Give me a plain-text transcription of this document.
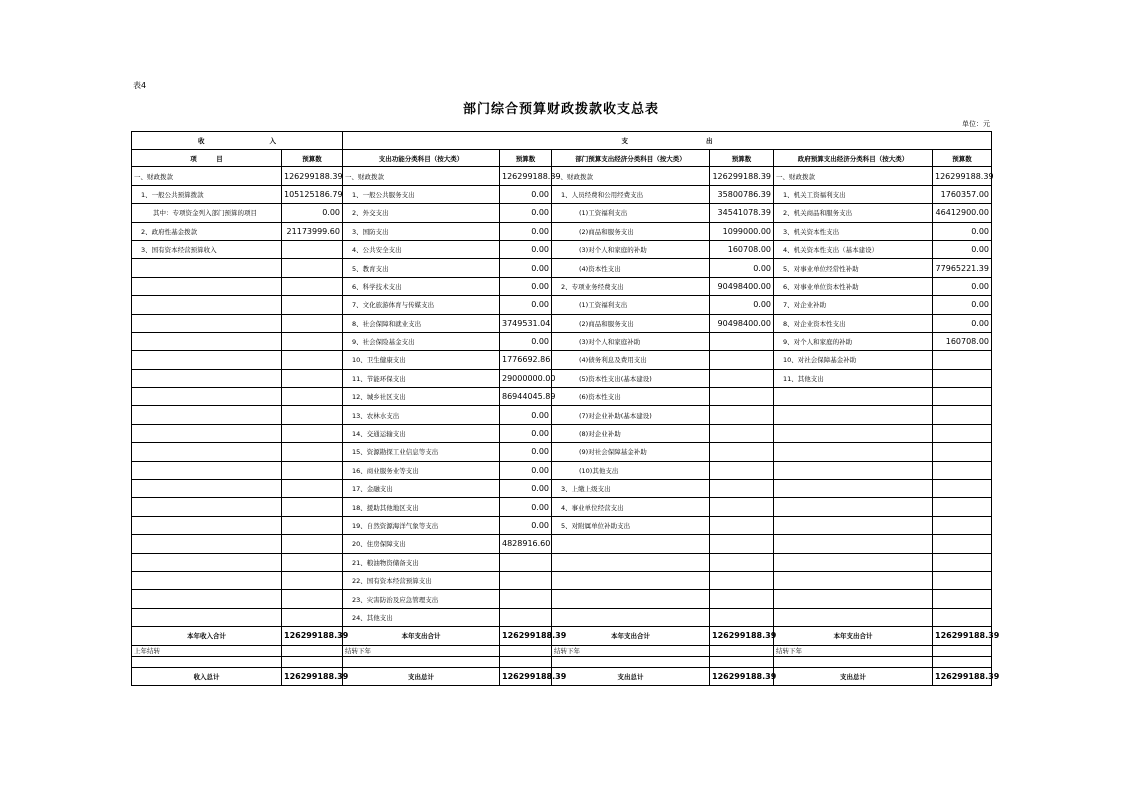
表4
部门综合预算财政拨款收支总表
单位：元
收　　　　　　　　　　入		支　　　　　　　　　　　　出					
项　　　目	预算数	支出功能分类科目（按大类）	预算数	部门预算支出经济分类科目（按大类）	预算数	政府预算支出经济分类科目（按大类）	预算数
一、财政拨款	126299188.39	一、财政拨款	126299188.39	一、财政拨款	126299188.39	一、财政拨款	126299188.39
1、一般公共预算拨款	105125186.79	1、一般公共服务支出	0.00	1、人员经费和公用经费支出	35800786.39	1、机关工资福利支出	1760357.00
其中：专项资金列入部门预算的项目	0.00	2、外交支出	0.00	(1)工资福利支出	34541078.39	2、机关商品和服务支出	46412900.00
2、政府性基金拨款	21173999.60	3、国防支出	0.00	(2)商品和服务支出	1099000.00	3、机关资本性支出	0.00
3、国有资本经营预算收入		4、公共安全支出	0.00	(3)对个人和家庭的补助	160708.00	4、机关资本性支出（基本建设）	0.00
		5、教育支出	0.00	(4)资本性支出	0.00	5、对事业单位经常性补助	77965221.39
		6、科学技术支出	0.00	2、专项业务经费支出	90498400.00	6、对事业单位资本性补助	0.00
		7、文化旅游体育与传媒支出	0.00	(1)工资福利支出	0.00	7、对企业补助	0.00
		8、社会保障和就业支出	3749531.04	(2)商品和服务支出	90498400.00	8、对企业资本性支出	0.00
		9、社会保险基金支出	0.00	(3)对个人和家庭补助		9、对个人和家庭的补助	160708.00
		10、卫生健康支出	1776692.86	(4)债务利息及费用支出		10、对社会保障基金补助	
		11、节能环保支出	29000000.00	(5)资本性支出(基本建设)		11、其他支出	
		12、城乡社区支出	86944045.89	(6)资本性支出			
		13、农林水支出	0.00	(7)对企业补助(基本建设)			
		14、交通运输支出	0.00	(8)对企业补助			
		15、资源勘探工业信息等支出	0.00	(9)对社会保障基金补助			
		16、商业服务业等支出	0.00	(10)其他支出			
		17、金融支出	0.00	3、上缴上级支出			
		18、援助其他地区支出	0.00	4、事业单位经营支出			
		19、自然资源海洋气象等支出	0.00	5、对附属单位补助支出			
		20、住房保障支出	4828916.60				
		21、粮油物资储备支出					
		22、国有资本经营预算支出					
		23、灾害防治及应急管理支出					
		24、其他支出					
本年收入合计	126299188.39	本年支出合计	126299188.39	本年支出合计	126299188.39	本年支出合计	126299188.39
上年结转		结转下年		结转下年		结转下年	

收入总计	126299188.39	支出总计	126299188.39	支出总计	126299188.39	支出总计	126299188.39
